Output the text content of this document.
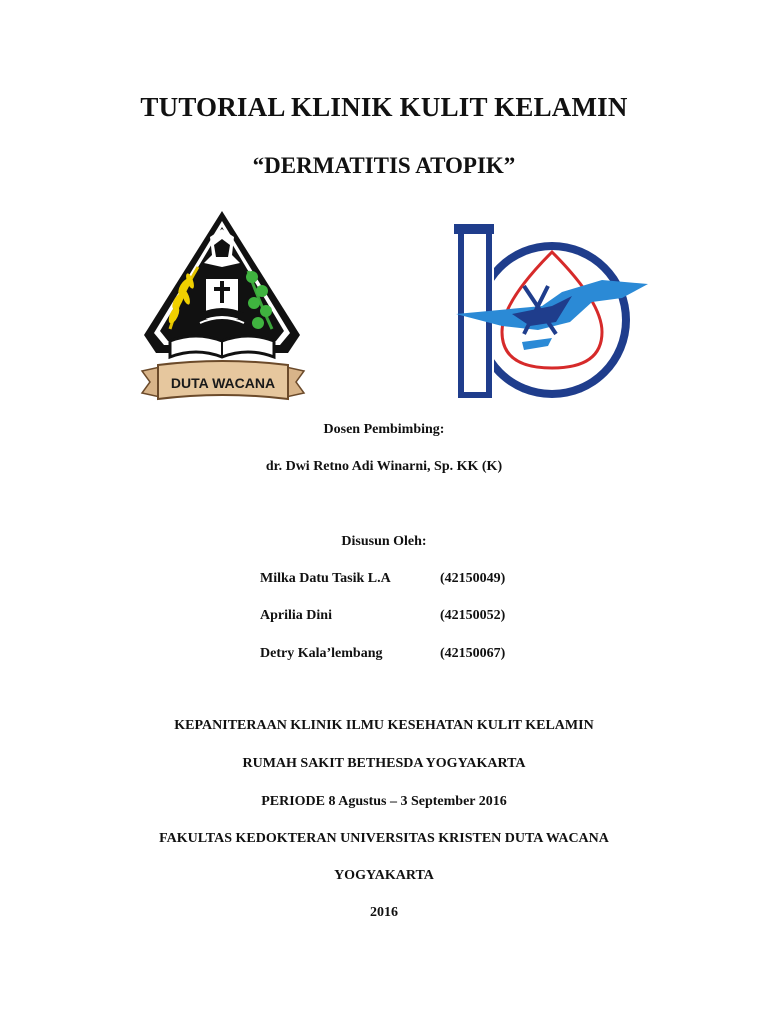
TUTORIAL KLINIK KULIT KELAMIN
“DERMATITIS ATOPIK”
DUTA WACANA
Dosen Pembimbing:
dr. Dwi Retno Adi Winarni, Sp. KK (K)
Disusun Oleh:
Milka Datu Tasik L.A	(42150049)
Aprilia Dini	(42150052)
Detry Kala’lembang	(42150067)
KEPANITERAAN KLINIK ILMU KESEHATAN KULIT KELAMIN
RUMAH SAKIT BETHESDA YOGYAKARTA
PERIODE 8 Agustus – 3 September 2016
FAKULTAS KEDOKTERAN UNIVERSITAS KRISTEN DUTA WACANA
YOGYAKARTA
2016
